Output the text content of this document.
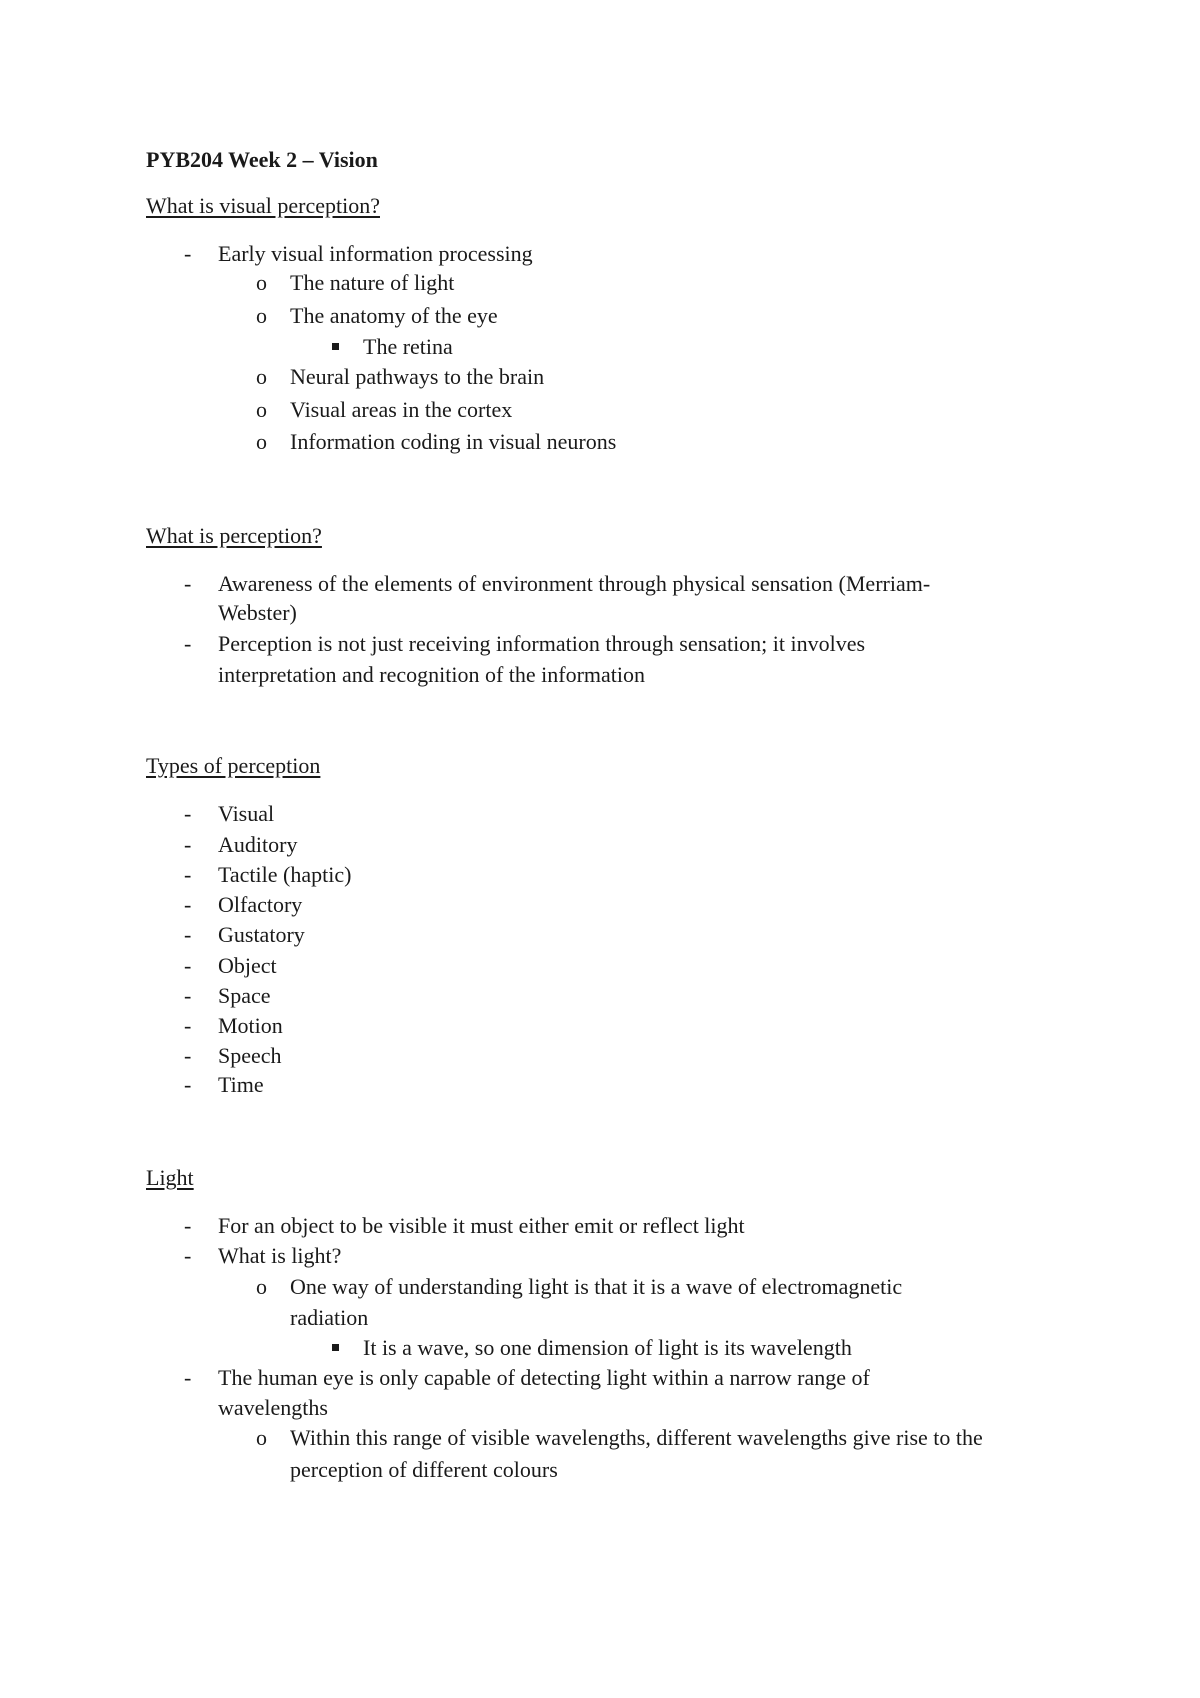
PYB204 Week 2 – Vision
What is visual perception?
- Early visual information processing
o The nature of light
o The anatomy of the eye
The retina
o Neural pathways to the brain
o Visual areas in the cortex
o Information coding in visual neurons
What is perception?
- Awareness of the elements of environment through physical sensation (Merriam-
Webster)
- Perception is not just receiving information through sensation; it involves
interpretation and recognition of the information
Types of perception
- Visual
- Auditory
- Tactile (haptic)
- Olfactory
- Gustatory
- Object
- Space
- Motion
- Speech
- Time
Light
- For an object to be visible it must either emit or reflect light
- What is light?
o One way of understanding light is that it is a wave of electromagnetic
radiation
It is a wave, so one dimension of light is its wavelength
- The human eye is only capable of detecting light within a narrow range of
wavelengths
o Within this range of visible wavelengths, different wavelengths give rise to the
perception of different colours
